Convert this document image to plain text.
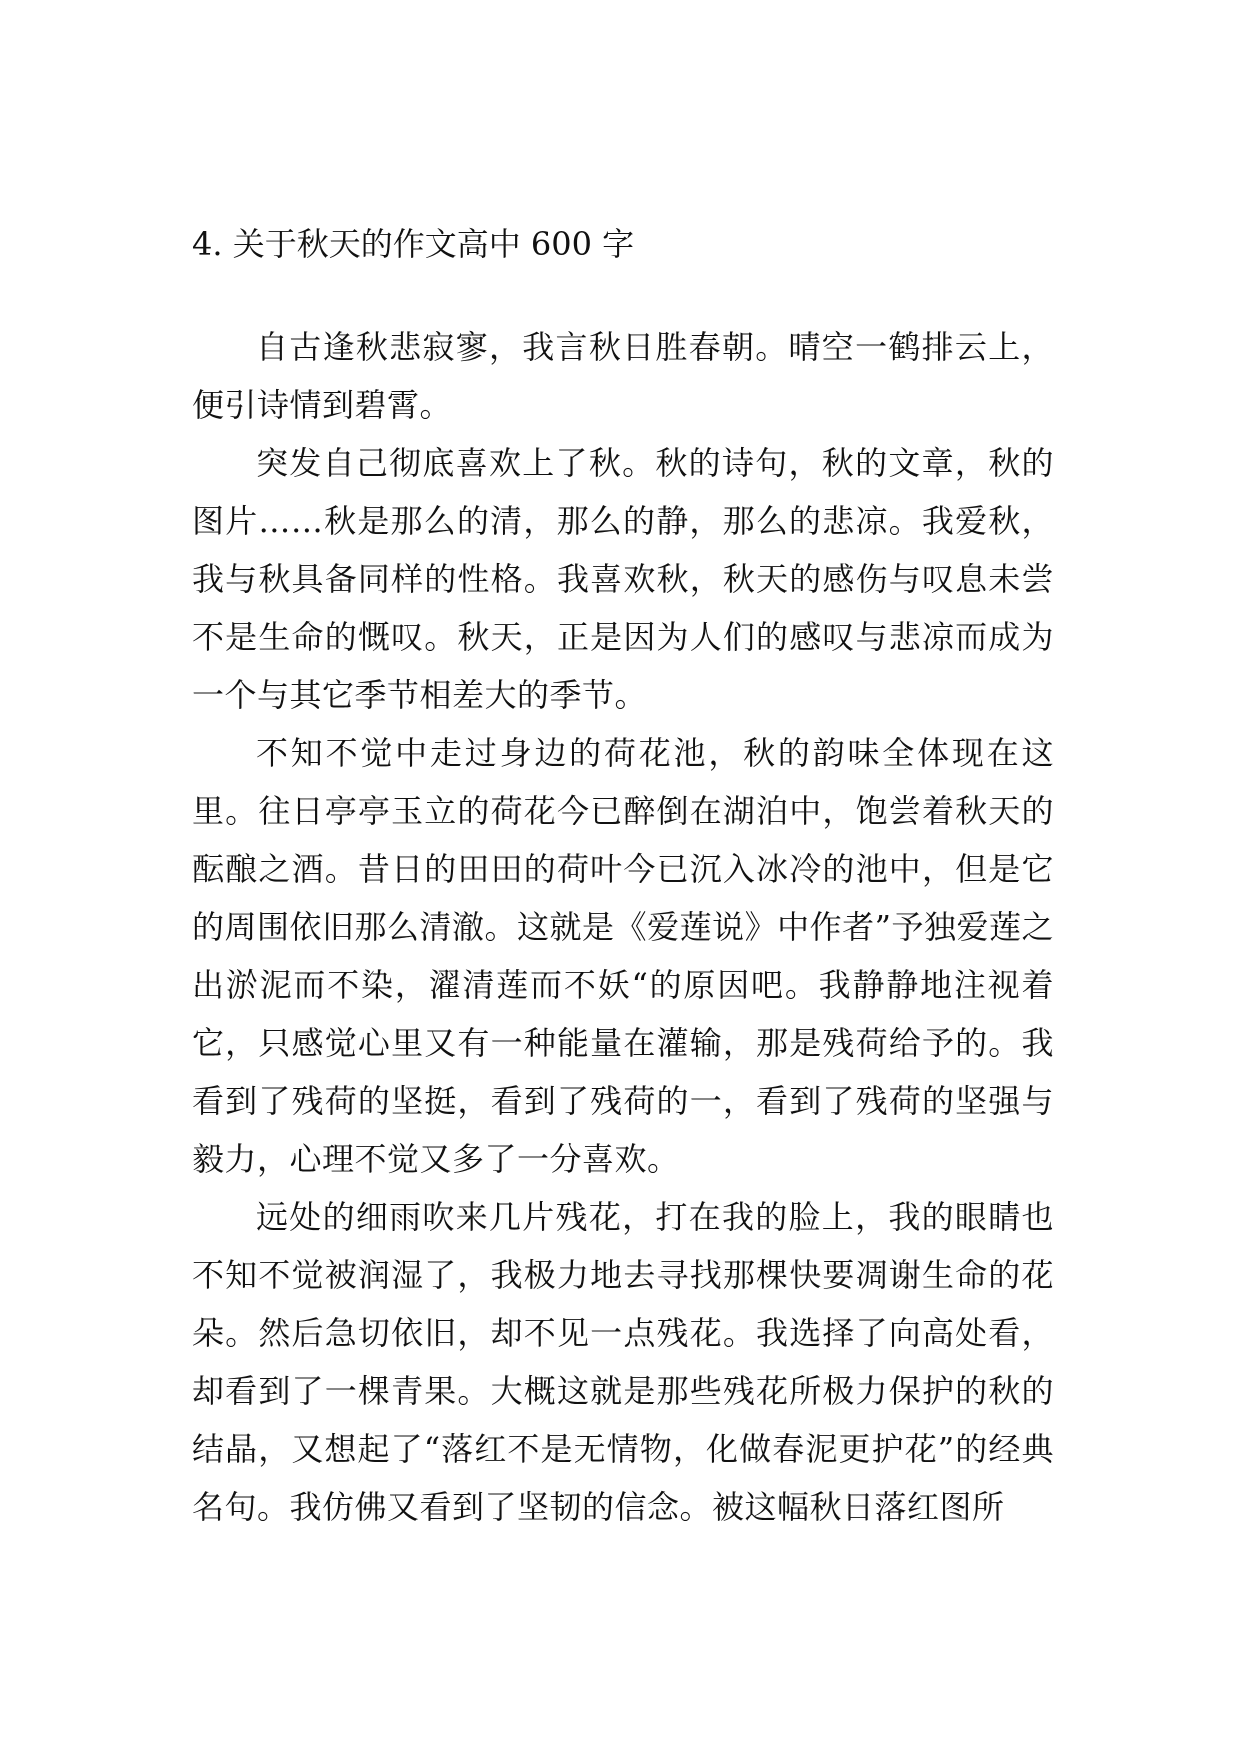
4. 关于秋天的作文高中 600 字

自古逢秋悲寂寥，我言秋日胜春朝。晴空一鹤排云上，便引诗情到碧霄。

突发自己彻底喜欢上了秋。秋的诗句，秋的文章，秋的图片……秋是那么的清，那么的静，那么的悲凉。我爱秋，我与秋具备同样的性格。我喜欢秋，秋天的感伤与叹息未尝不是生命的慨叹。秋天，正是因为人们的感叹与悲凉而成为一个与其它季节相差大的季节。

不知不觉中走过身边的荷花池，秋的韵味全体现在这里。往日亭亭玉立的荷花今已醉倒在湖泊中，饱尝着秋天的酝酿之酒。昔日的田田的荷叶今已沉入冰冷的池中，但是它的周围依旧那么清澈。这就是《爱莲说》中作者”予独爱莲之出淤泥而不染，濯清莲而不妖“的原因吧。我静静地注视着它，只感觉心里又有一种能量在灌输，那是残荷给予的。我看到了残荷的坚挺，看到了残荷的一，看到了残荷的坚强与毅力，心理不觉又多了一分喜欢。

远处的细雨吹来几片残花，打在我的脸上，我的眼睛也不知不觉被润湿了，我极力地去寻找那棵快要凋谢生命的花朵。然后急切依旧，却不见一点残花。我选择了向高处看，却看到了一棵青果。大概这就是那些残花所极力保护的秋的结晶，又想起了“落红不是无情物，化做春泥更护花”的经典名句。我仿佛又看到了坚韧的信念。被这幅秋日落红图所
